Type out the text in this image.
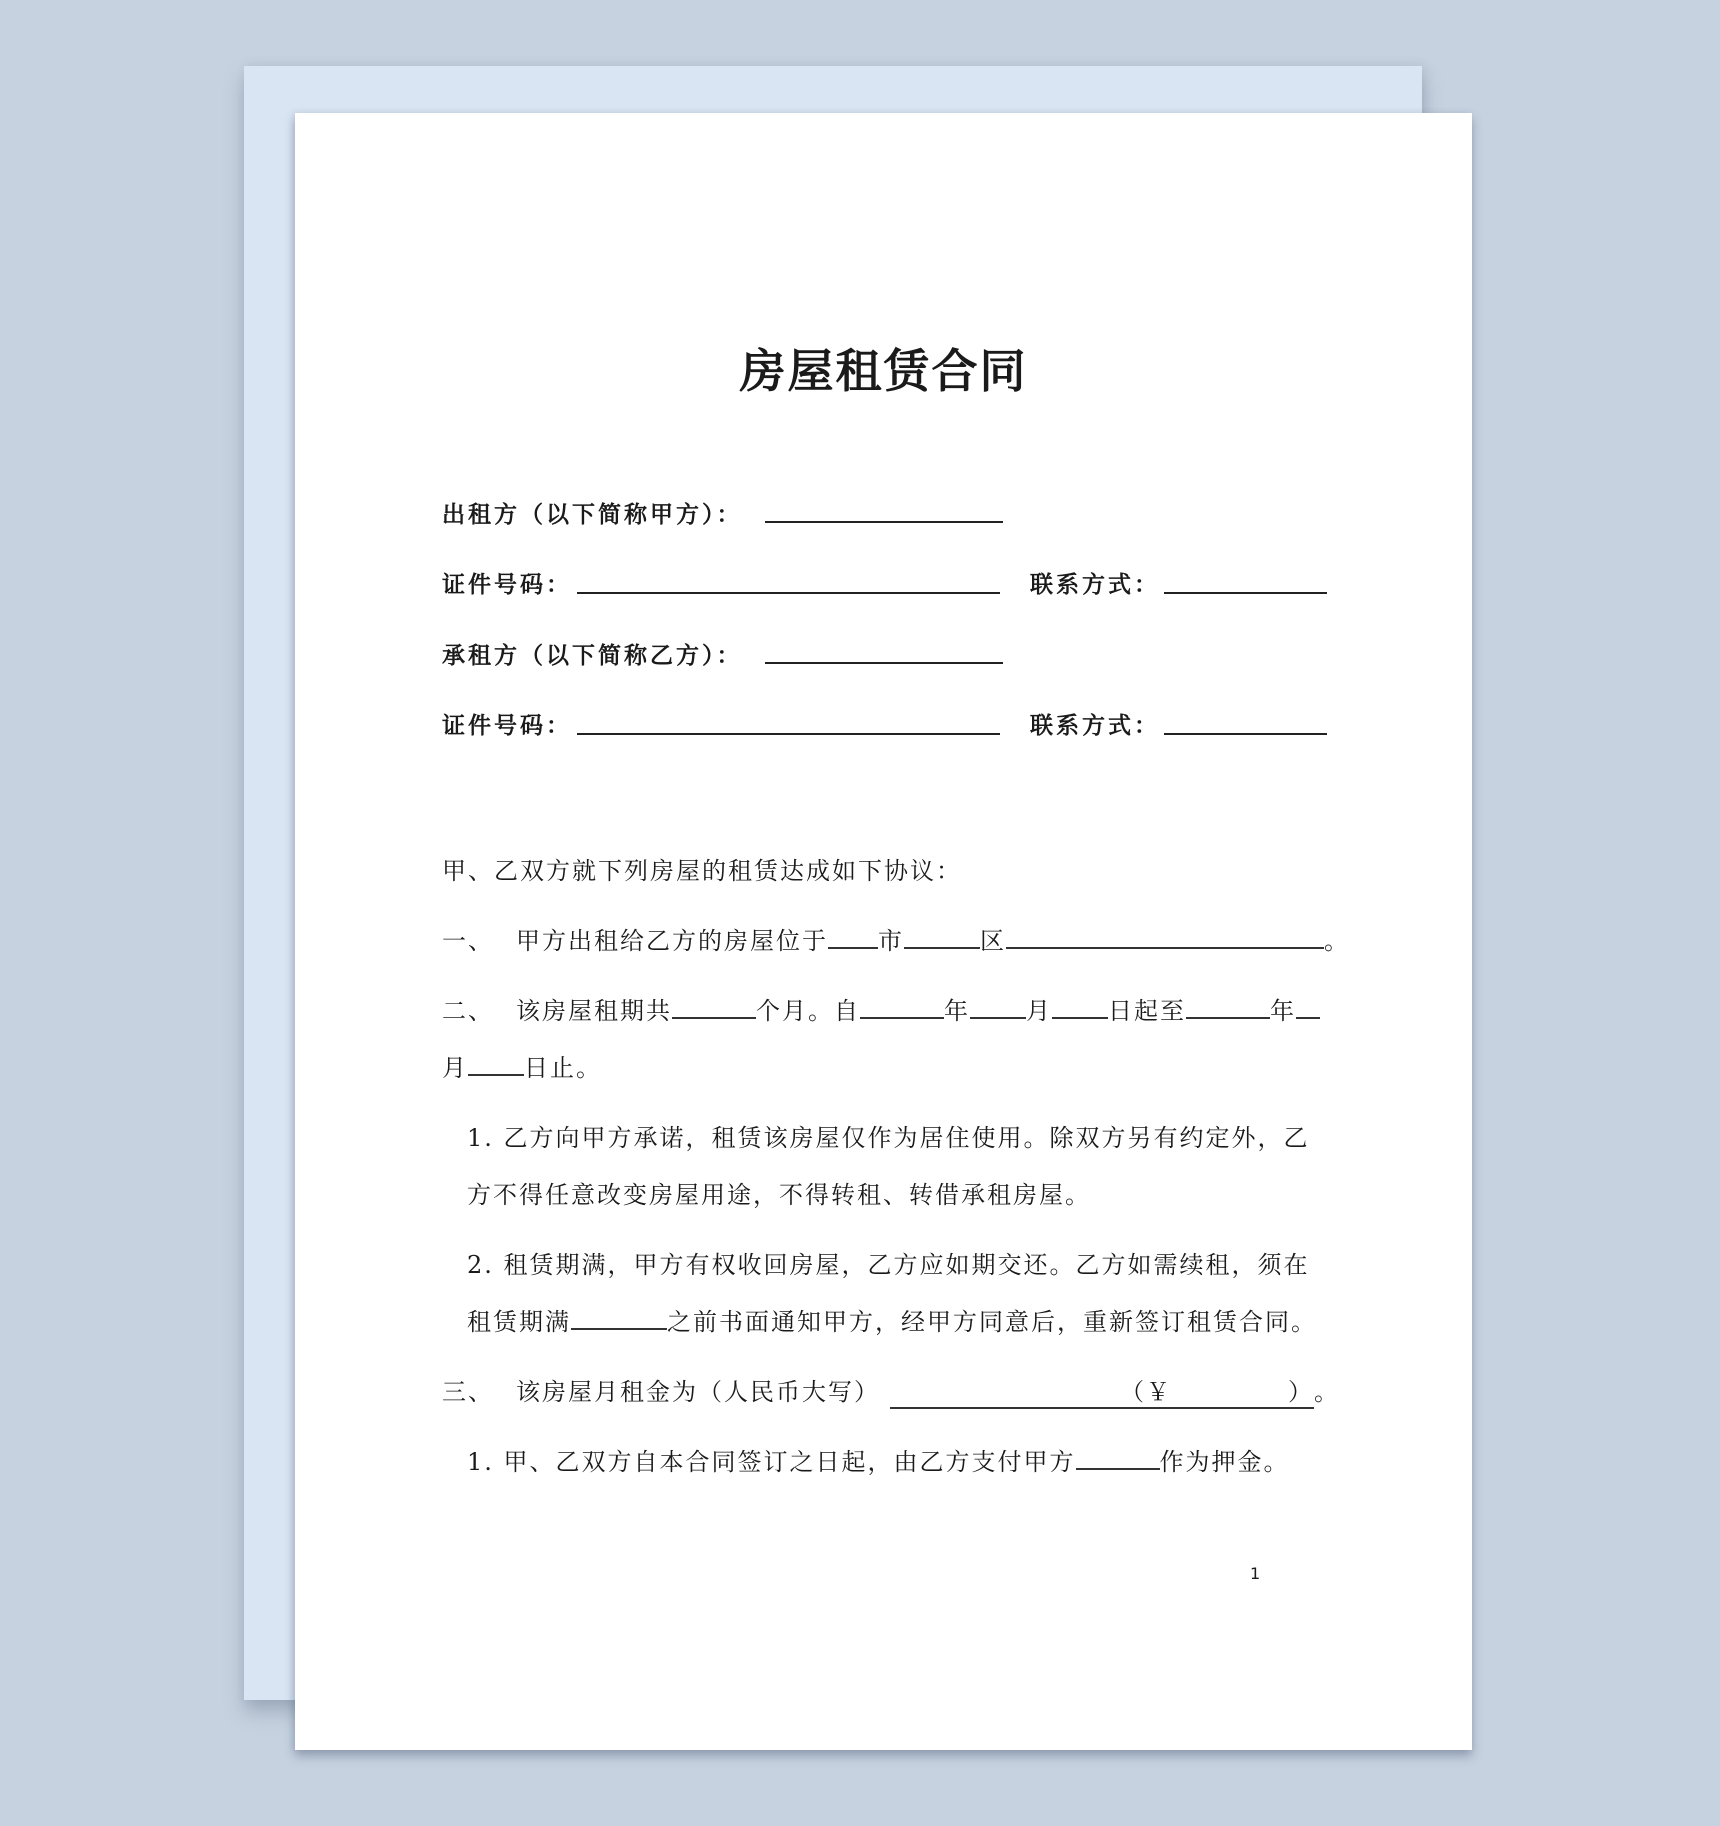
房屋租赁合同
出租方（以下简称甲方）：
证件号码：	联系方式：
承租方（以下简称乙方）：
证件号码：	联系方式：
甲、乙双方就下列房屋的租赁达成如下协议：
一、 甲方出租给乙方的房屋位于 市	区	。
二、 该房屋租期共	个月。自	年 月 日起至	年
月 日止。
1. 乙方向甲方承诺，租赁该房屋仅作为居住使用。除双方另有约定外，乙
方不得任意改变房屋用途，不得转租、转借承租房屋。
2. 租赁期满，甲方有权收回房屋，乙方应如期交还。乙方如需续租，须在
租赁期满	之前书面通知甲方，经甲方同意后，重新签订租赁合同。
三、 该房屋月租金为（人民币大写）	（￥	）。
1. 甲、乙双方自本合同签订之日起，由乙方支付甲方	作为押金。
1
